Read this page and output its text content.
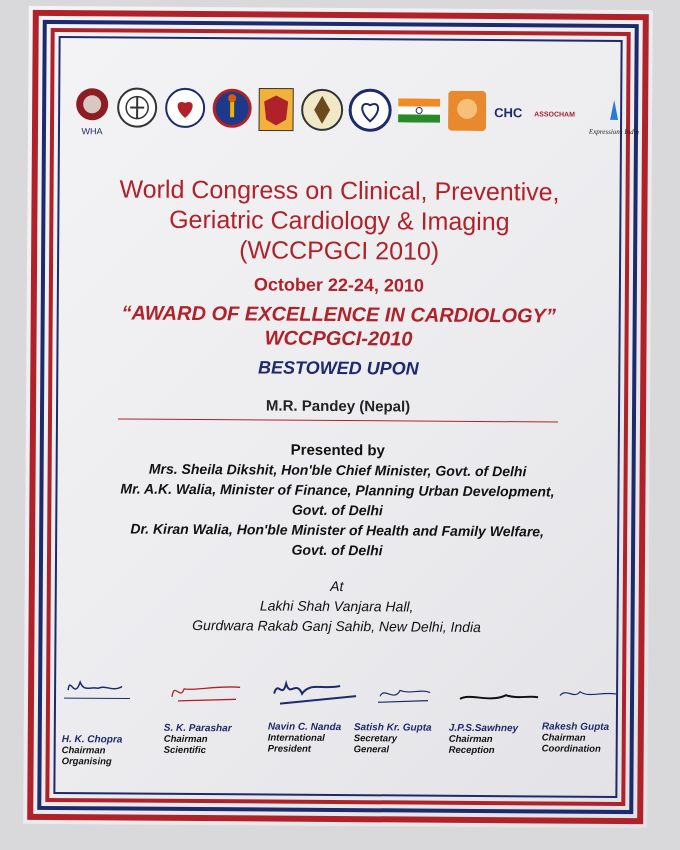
WHA
CHC ASSOCHAM
Expressions India
World Congress on Clinical, Preventive,
Geriatric Cardiology & Imaging
(WCCPGCI 2010)
October 22-24, 2010
“AWARD OF EXCELLENCE IN CARDIOLOGY”
WCCPGCI-2010
BESTOWED UPON
M.R. Pandey (Nepal)
Presented by
Mrs. Sheila Dikshit, Hon'ble Chief Minister, Govt. of Delhi
Mr. A.K. Walia, Minister of Finance, Planning Urban Development,
Govt. of Delhi
Dr. Kiran Walia, Hon'ble Minister of Health and Family Welfare,
Govt. of Delhi
At
Lakhi Shah Vanjara Hall,
Gurdwara Rakab Ganj Sahib, New Delhi, India
H. K. Chopra
Chairman
Organising
S. K. Parashar
Chairman
Scientific
Navin C. Nanda
International
President
Satish Kr. Gupta
Secretary
General
J.P.S.Sawhney
Chairman
Reception
Rakesh Gupta
Chairman
Coordination
